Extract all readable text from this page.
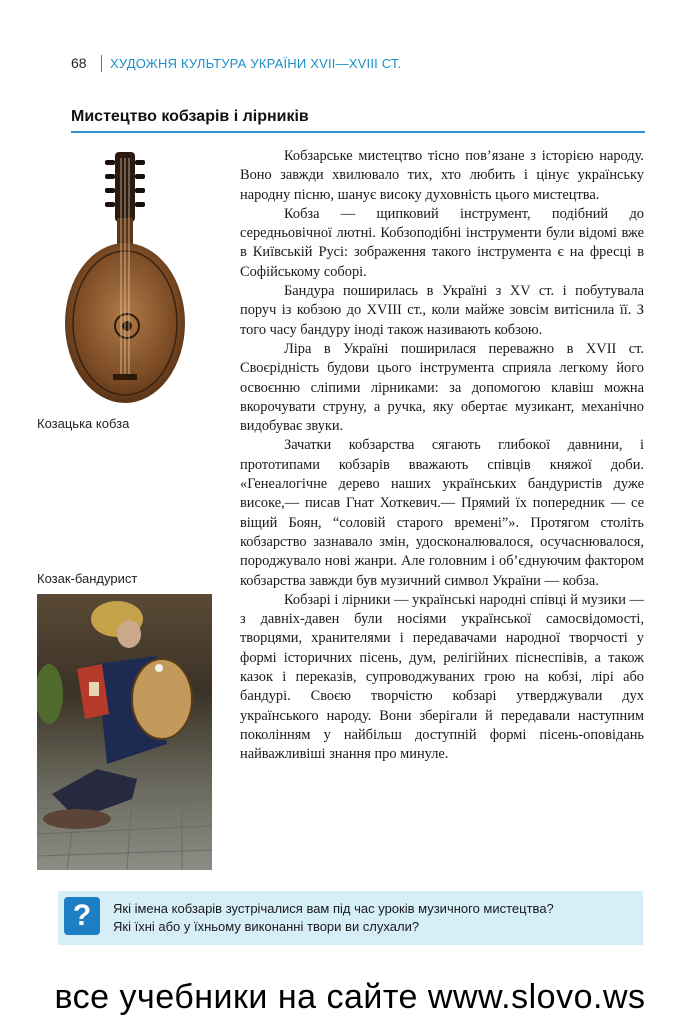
68	ХУДОЖНЯ КУЛЬТУРА УКРАЇНИ XVII—XVIII СТ.
Мистецтво кобзарів і лірників
Козацька кобза
Козак-бандурист

Кобзарське мистецтво тісно пов’язане з історією народу. Воно завжди хвилювало тих, хто любить і цінує українську народну пісню, шанує високу духовність цього мистецтва.

Кобза — щипковий інструмент, подібний до середньовічної лютні. Кобзоподібні інструменти були відомі вже в Київській Русі: зображення такого інструмента є на фресці в Софійському соборі.

Бандура поширилась в Україні з XV ст. і побутувала поруч із кобзою до XVIII ст., коли майже зовсім витіснила її. З того часу бандуру іноді також називають кобзою.

Ліра в Україні поширилася переважно в XVII ст. Своєрідність будови цього інструмента сприяла легкому його освоєнню сліпими лірниками: за допомогою клавіш можна вкорочувати струну, а ручка, яку обертає музикант, механічно видобуває звуки.

Зачатки кобзарства сягають глибокої давнини, і прототипами кобзарів вважають співців княжої доби. «Генеалогічне дерево наших українських бандуристів дуже високе,— писав Гнат Хоткевич.— Прямий їх попередник — се віщий Боян, “соловій старого времені”». Протягом століть кобзарство зазнавало змін, удосконалювалося, осучаснювалося, породжувало нові жанри. Але головним і об’єднуючим фактором кобзарства завжди був музичний символ України — кобза.

Кобзарі і лірники — українські народні співці й музики — з давніх-давен були носіями української самосвідомості, творцями, хранителями і передавачами народної творчості у формі історичних пісень, дум, релігійних піснеспівів, а також казок і переказів, супроводжуваних грою на кобзі, лірі або бандурі. Своєю творчістю кобзарі утверджували дух українського народу. Вони зберігали й передавали наступним поколінням у найбільш доступній формі пісень-оповідань найважливіші знання про минуле.

?	Які імена кобзарів зустрічалися вам під час уроків музичного мистецтва?
Які їхні або у їхньому виконанні твори ви слухали?
все учебники на сайте www.slovo.ws
